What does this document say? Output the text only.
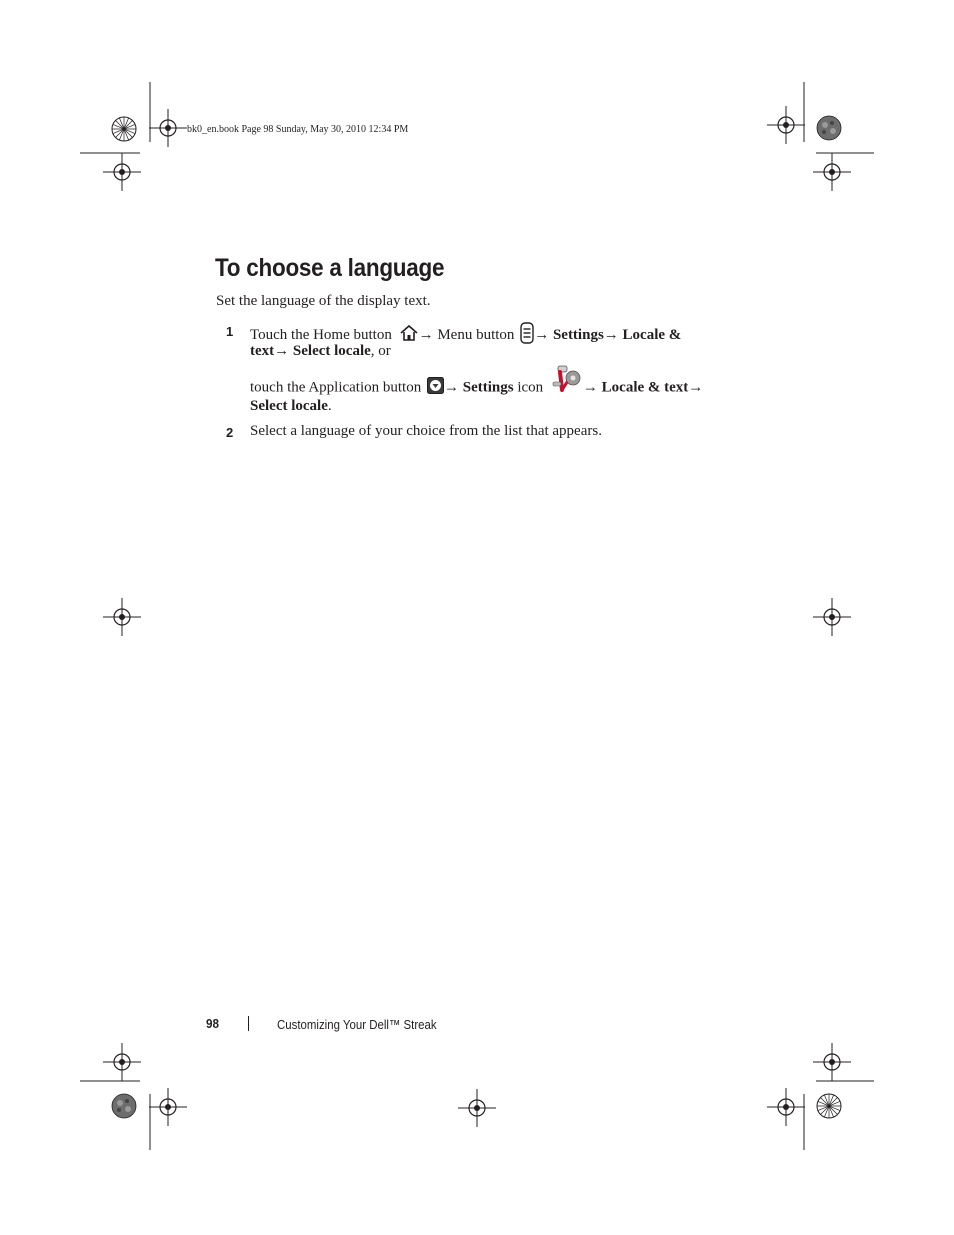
bk0_en.book Page 98 Sunday, May 30, 2010 12:34 PM
To choose a language
Set the language of the display text.
1 Touch the Home button → Menu button → Settings→ Locale &
text→ Select locale, or
touch the Application button → Settings icon	→ Locale & text→
Select locale.
2 Select a language of your choice from the list that appears.
98	Customizing Your Dell™ Streak
